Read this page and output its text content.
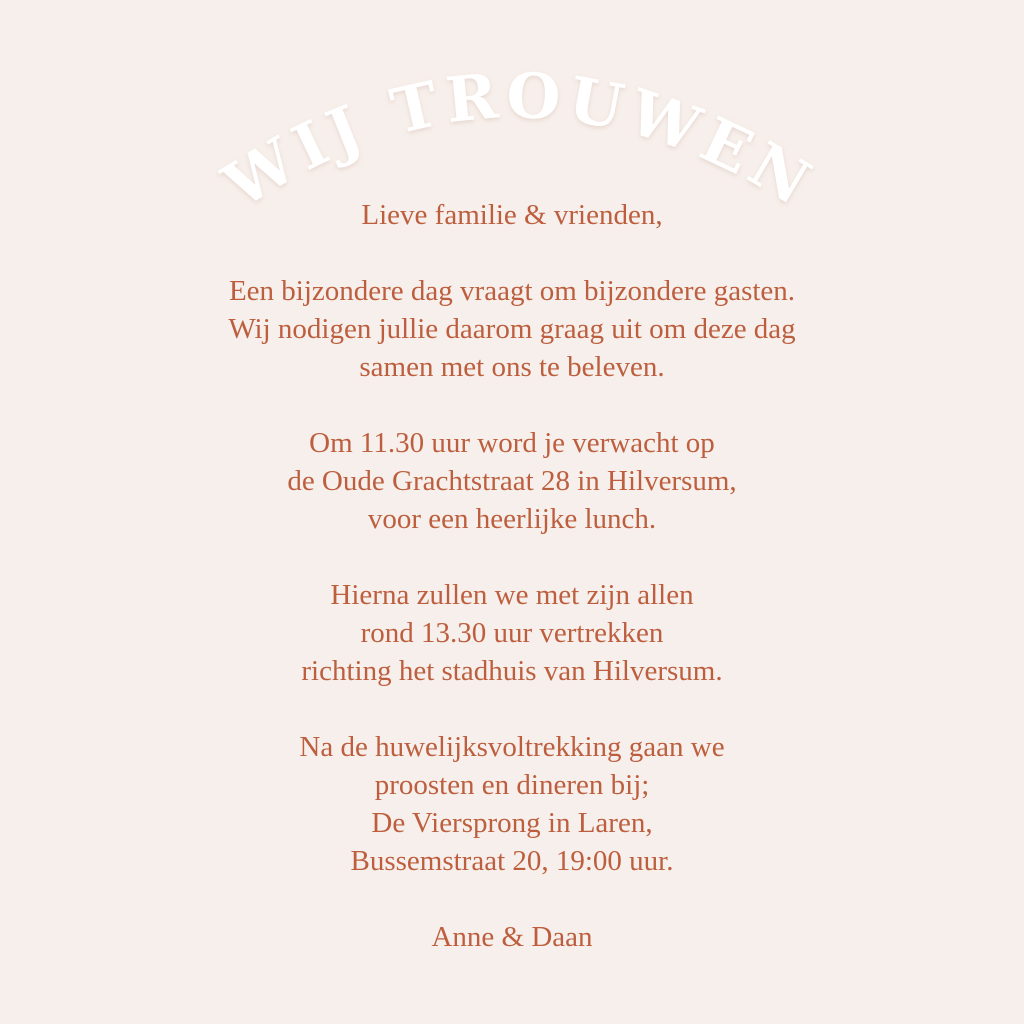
WIJ TROUWEN

Lieve familie & vrienden,

Een bijzondere dag vraagt om bijzondere gasten.

Wij nodigen jullie daarom graag uit om deze dag

samen met ons te beleven.

Om 11.30 uur word je verwacht op

de Oude Grachtstraat 28 in Hilversum,

voor een heerlijke lunch.

Hierna zullen we met zijn allen

rond 13.30 uur vertrekken

richting het stadhuis van Hilversum.

Na de huwelijksvoltrekking gaan we

proosten en dineren bij;

De Viersprong in Laren,

Bussemstraat 20, 19:00 uur.

Anne & Daan
